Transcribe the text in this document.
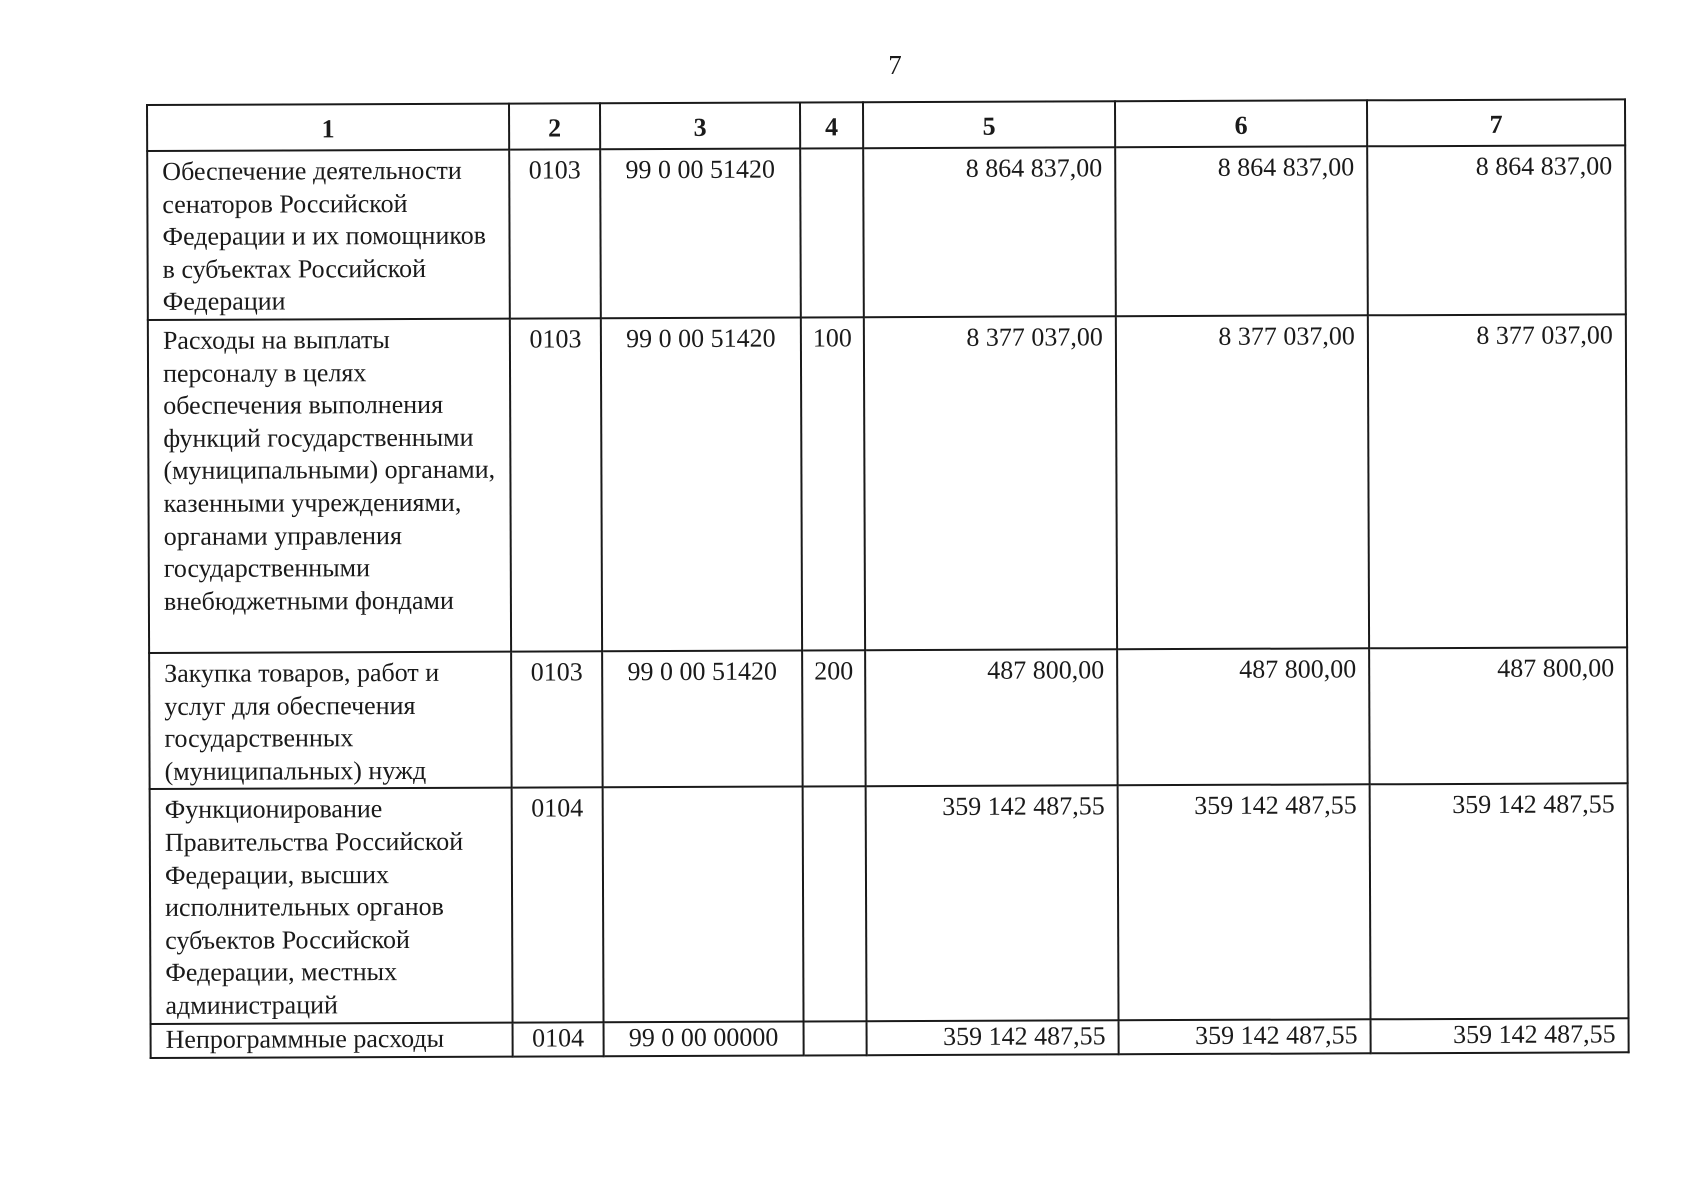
7
1	2	3	4	5	6	7
Обеспечение деятельности сенаторов Российской Федерации и их помощников в субъектах Российской Федерации	0103	99 0 00 51420		8 864 837,00	8 864 837,00	8 864 837,00
Расходы на выплаты персоналу в целях обеспечения выполнения функций государственными (муниципальными) органами, казенными учреждениями, органами управления государственными внебюджетными фондами	0103	99 0 00 51420	100	8 377 037,00	8 377 037,00	8 377 037,00
Закупка товаров, работ и услуг для обеспечения государственных (муниципальных) нужд	0103	99 0 00 51420	200	487 800,00	487 800,00	487 800,00
Функционирование Правительства Российской Федерации, высших исполнительных органов субъектов Российской Федерации, местных администраций	0104			359 142 487,55	359 142 487,55	359 142 487,55
Непрограммные расходы	0104	99 0 00 00000		359 142 487,55	359 142 487,55	359 142 487,55
